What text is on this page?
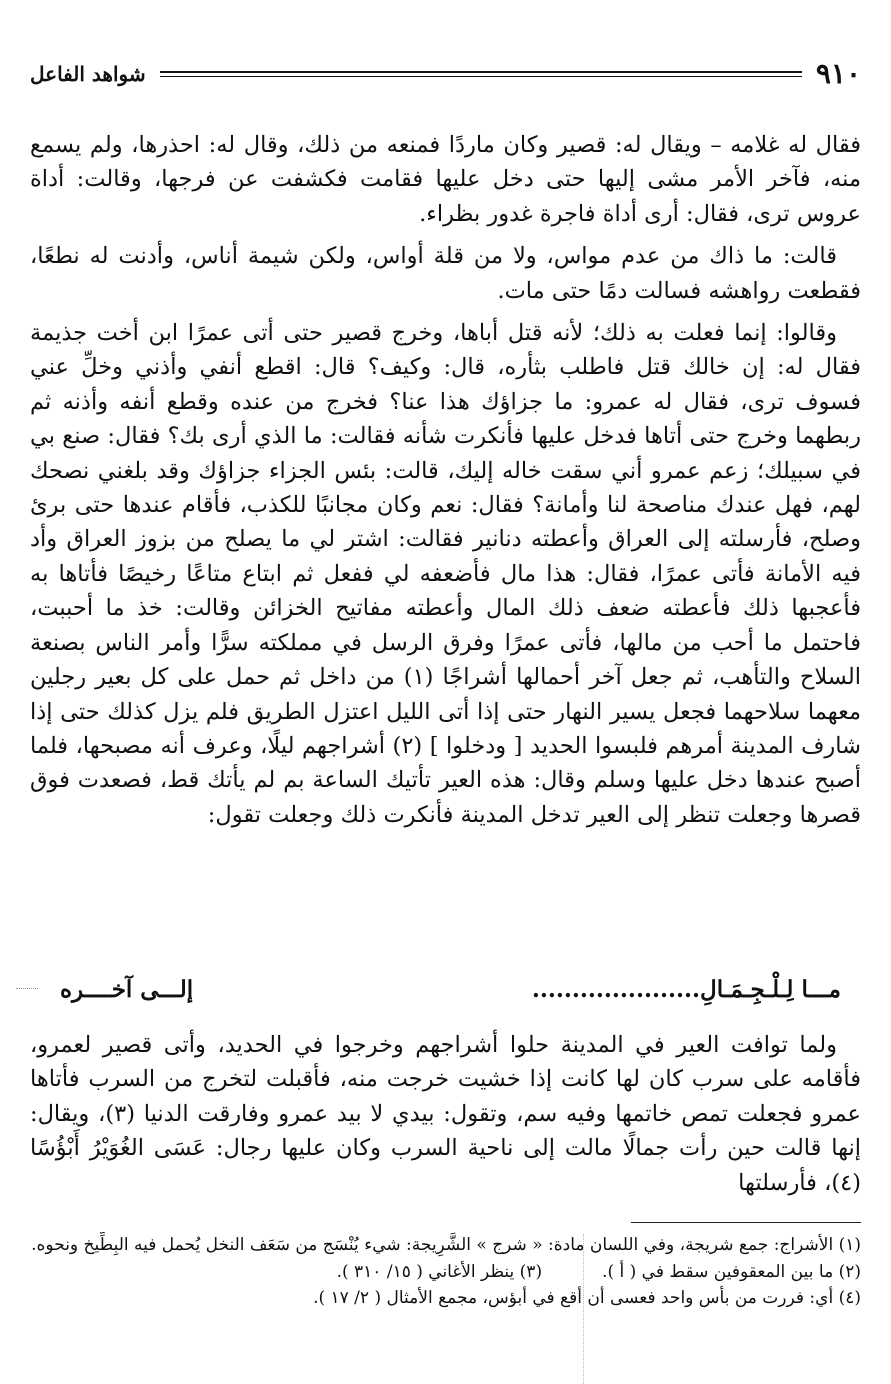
٩١٠
شواهد الفاعل

فقال له غلامه – ويقال له: قصير وكان ماردًا فمنعه من ذلك، وقال له: احذرها، ولم يسمع منه، فآخر الأمر مشى إليها حتى دخل عليها فقامت فكشفت عن فرجها، وقالت: أداة عروس ترى، فقال: أرى أداة فاجرة غدور بظراء.

قالت: ما ذاك من عدم مواس، ولا من قلة أواس، ولكن شيمة أناس، وأدنت له نطعًا، فقطعت رواهشه فسالت دمًا حتى مات.

وقالوا: إنما فعلت به ذلك؛ لأنه قتل أباها، وخرج قصير حتى أتى عمرًا ابن أخت جذيمة فقال له: إن خالك قتل فاطلب بثأره، قال: وكيف؟ قال: اقطع أنفي وأذني وخلِّ عني فسوف ترى، فقال له عمرو: ما جزاؤك هذا عنا؟ فخرج من عنده وقطع أنفه وأذنه ثم ربطهما وخرج حتى أتاها فدخل عليها فأنكرت شأنه فقالت: ما الذي أرى بك؟ فقال: صنع بي في سبيلك؛ زعم عمرو أني سقت خاله إليك، قالت: بئس الجزاء جزاؤك وقد بلغني نصحك لهم، فهل عندك مناصحة لنا وأمانة؟ فقال: نعم وكان مجانبًا للكذب، فأقام عندها حتى برئ وصلح، فأرسلته إلى العراق وأعطته دنانير فقالت: اشتر لي ما يصلح من بزوز العراق وأد فيه الأمانة فأتى عمرًا، فقال: هذا مال فأضعفه لي ففعل ثم ابتاع متاعًا رخيصًا فأتاها به فأعجبها ذلك فأعطته ضعف ذلك المال وأعطته مفاتيح الخزائن وقالت: خذ ما أحببت، فاحتمل ما أحب من مالها، فأتى عمرًا وفرق الرسل في مملكته سرًّا وأمر الناس بصنعة السلاح والتأهب، ثم جعل آخر أحمالها أشراجًا (١) من داخل ثم حمل على كل بعير رجلين معهما سلاحهما فجعل يسير النهار حتى إذا أتى الليل اعتزل الطريق فلم يزل كذلك حتى إذا شارف المدينة أمرهم فلبسوا الحديد [ ودخلوا ] (٢) أشراجهم ليلًا، وعرف أنه مصبحها، فلما أصبح عندها دخل عليها وسلم وقال: هذه العير تأتيك الساعة بم لم يأتك قط، فصعدت فوق قصرها وجعلت تنظر إلى العير تدخل المدينة فأنكرت ذلك وجعلت تقول:

مـــا لِـلْـجِـمَـالِ.....................
إلـــى آخــــره

ولما توافت العير في المدينة حلوا أشراجهم وخرجوا في الحديد، وأتى قصير لعمرو، فأقامه على سرب كان لها كانت إذا خشيت خرجت منه، فأقبلت لتخرج من السرب فأتاها عمرو فجعلت تمص خاتمها وفيه سم، وتقول: بيدي لا بيد عمرو وفارقت الدنيا (٣)، ويقال: إنها قالت حين رأت جمالًا مالت إلى ناحية السرب وكان عليها رجال: عَسَى الغُوَيْرُ أَبْؤُسًا (٤)، فأرسلتها

(١) الأشراج: جمع شريجة، وفي اللسان مادة: « شرج » الشَّرِيجة: شيء يُنْسَج من سَعَف النخل يُحمل فيه البِطِّيخ ونحوه.
(٢) ما بين المعقوفين سقط في ( أ ).
(٣) ينظر الأغاني ( ١٥/ ٣١٠ ).
(٤) أي: فررت من بأس واحد فعسى أن أقع في أبؤس، مجمع الأمثال ( ٢/ ١٧ ).
